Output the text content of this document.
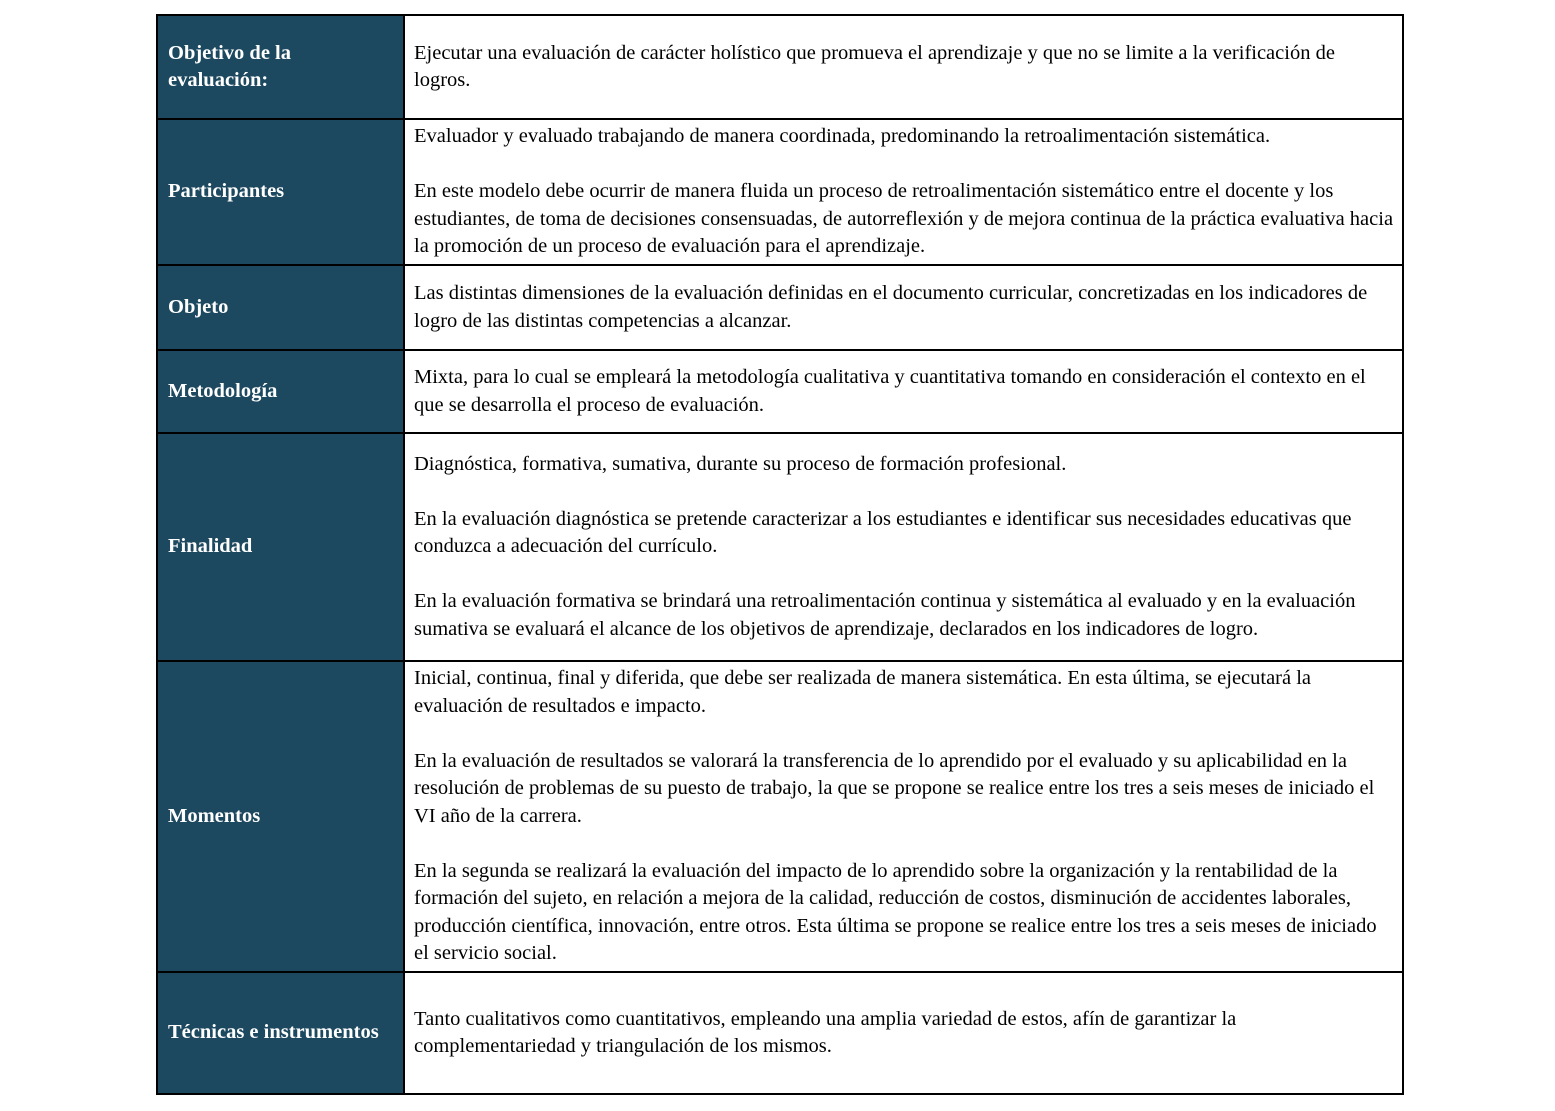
Objetivo de la evaluación:	Ejecutar una evaluación de carácter holístico que promueva el aprendizaje y que no se limite a la verificación de logros.

Participantes	Evaluador y evaluado trabajando de manera coordinada, predominando la retroalimentación sistemática.

En este modelo debe ocurrir de manera fluida un proceso de retroalimentación sistemático entre el docente y los estudiantes, de toma de decisiones consensuadas, de autorreflexión y de mejora continua de la práctica evaluativa hacia la promoción de un proceso de evaluación para el aprendizaje.

Objeto	Las distintas dimensiones de la evaluación definidas en el documento curricular, concretizadas en los indicadores de logro de las distintas competencias a alcanzar.

Metodología	Mixta, para lo cual se empleará la metodología cualitativa y cuantitativa tomando en consideración el contexto en el que se desarrolla el proceso de evaluación.

Finalidad	Diagnóstica, formativa, sumativa, durante su proceso de formación profesional.

En la evaluación diagnóstica se pretende caracterizar a los estudiantes e identificar sus necesidades educativas que conduzca a adecuación del currículo.

En la evaluación formativa se brindará una retroalimentación continua y sistemática al evaluado y en la evaluación sumativa se evaluará el alcance de los objetivos de aprendizaje, declarados en los indicadores de logro.

Momentos	Inicial, continua, final y diferida, que debe ser realizada de manera sistemática. En esta última, se ejecutará la evaluación de resultados e impacto.

En la evaluación de resultados se valorará la transferencia de lo aprendido por el evaluado y su aplicabilidad en la resolución de problemas de su puesto de trabajo, la que se propone se realice entre los tres a seis meses de iniciado el VI año de la carrera.

En la segunda se realizará la evaluación del impacto de lo aprendido sobre la organización y la rentabilidad de la formación del sujeto, en relación a mejora de la calidad, reducción de costos, disminución de accidentes laborales, producción científica, innovación, entre otros. Esta última se propone se realice entre los tres a seis meses de iniciado el servicio social.

Técnicas e instrumentos	Tanto cualitativos como cuantitativos, empleando una amplia variedad de estos, afín de garantizar la complementariedad y triangulación de los mismos.
